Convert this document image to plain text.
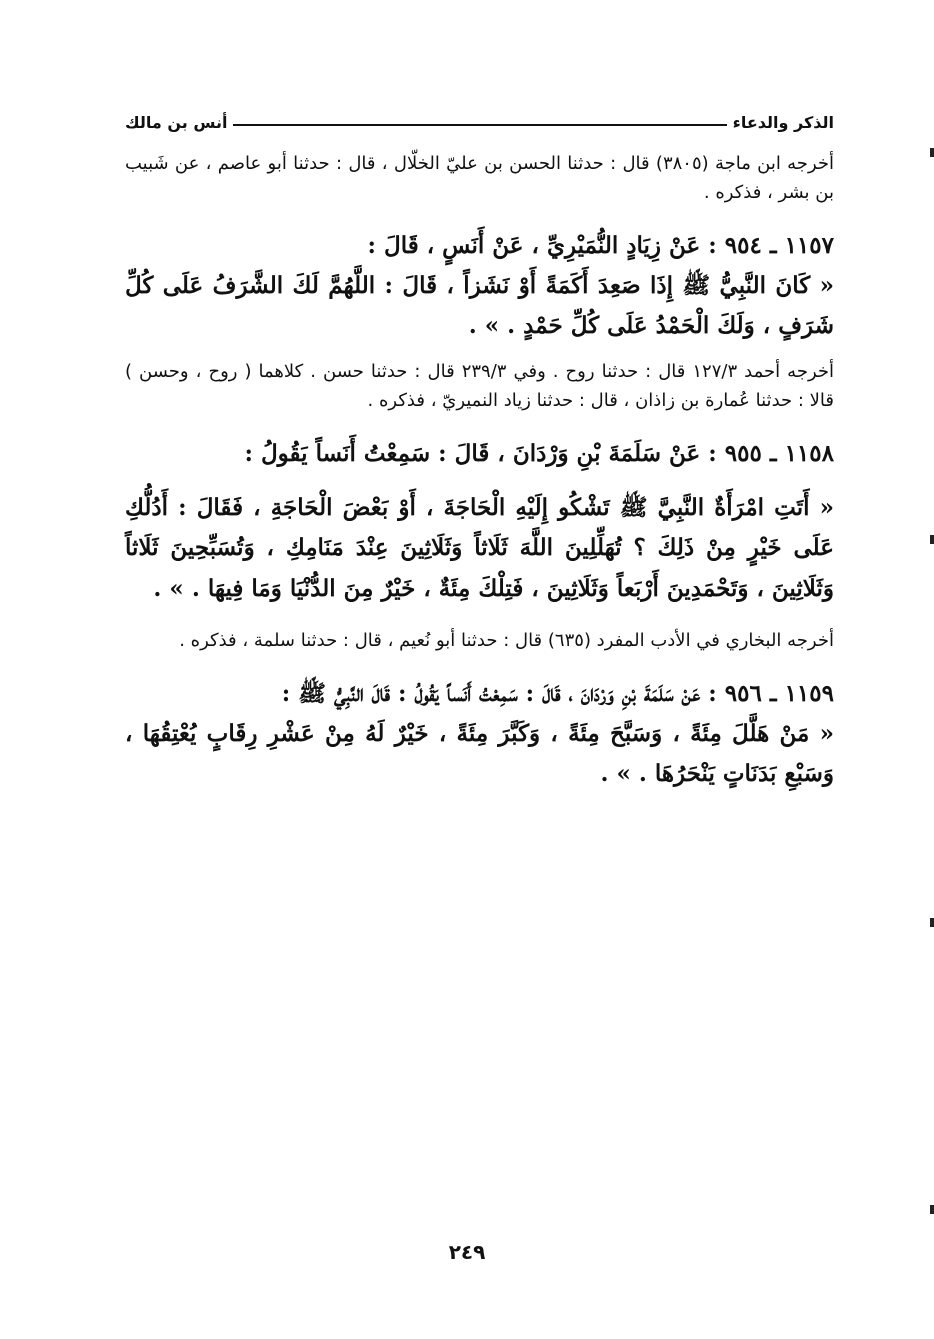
الذكر والدعاء
أنس بن مالك

أخرجه ابن ماجة (٣٨٠٥) قال : حدثنا الحسن بن عليّ الخلّال ، قال : حدثنا أبو عاصم ، عن شَبيب بن بشر ، فذكره .

١١٥٧ ـ ٩٥٤ : عَنْ زِيَادٍ النُّمَيْرِيِّ ، عَنْ أَنَسٍ ، قَالَ :

« كَانَ النَّبِيُّ ﷺ إِذَا صَعِدَ أَكَمَةً أَوْ نَشَزاً ، قَالَ : اللَّهُمَّ لَكَ الشَّرَفُ عَلَى كُلِّ شَرَفٍ ، وَلَكَ الْحَمْدُ عَلَى كُلِّ حَمْدٍ . » .

أخرجه أحمد ١٢٧/٣ قال : حدثنا روح . وفي ٢٣٩/٣ قال : حدثنا حسن . كلاهما ( روح ، وحسن ) قالا : حدثنا عُمارة بن زاذان ، قال : حدثنا زياد النميريّ ، فذكره .

١١٥٨ ـ ٩٥٥ : عَنْ سَلَمَةَ بْنِ وَرْدَانَ ، قَالَ : سَمِعْتُ أَنَساً يَقُولُ :

« أَتَتِ امْرَأَةٌ النَّبِيَّ ﷺ تَشْكُو إِلَيْهِ الْحَاجَةَ ، أَوْ بَعْضَ الْحَاجَةِ ، فَقَالَ : أَدُلُّكِ عَلَى خَيْرٍ مِنْ ذَلِكَ ؟ تُهَلِّلِينَ اللَّهَ ثَلَاثاً وَثَلَاثِينَ عِنْدَ مَنَامِكِ ، وَتُسَبِّحِينَ ثَلَاثاً وَثَلَاثِينَ ، وَتَحْمَدِينَ أَرْبَعاً وَثَلَاثِينَ ، فَتِلْكَ مِئَةٌ ، خَيْرٌ مِنَ الدُّنْيَا وَمَا فِيهَا . » .

أخرجه البخاري في الأدب المفرد (٦٣٥) قال : حدثنا أبو نُعيم ، قال : حدثنا سلمة ، فذكره .

١١٥٩ ـ ٩٥٦ : عَنْ سَلَمَةَ بْنِ وَرْدَانَ ، قَالَ : سَمِعْتُ أَنَساً يَقُولُ : قَالَ النَّبِيُّ ﷺ :

« مَنْ هَلَّلَ مِئَةً ، وَسَبَّحَ مِئَةً ، وَكَبَّرَ مِئَةً ، خَيْرٌ لَهُ مِنْ عَشْرِ رِقَابٍ يُعْتِقُهَا ، وَسَبْعِ بَدَنَاتٍ يَنْحَرُهَا . » .

٢٤٩
